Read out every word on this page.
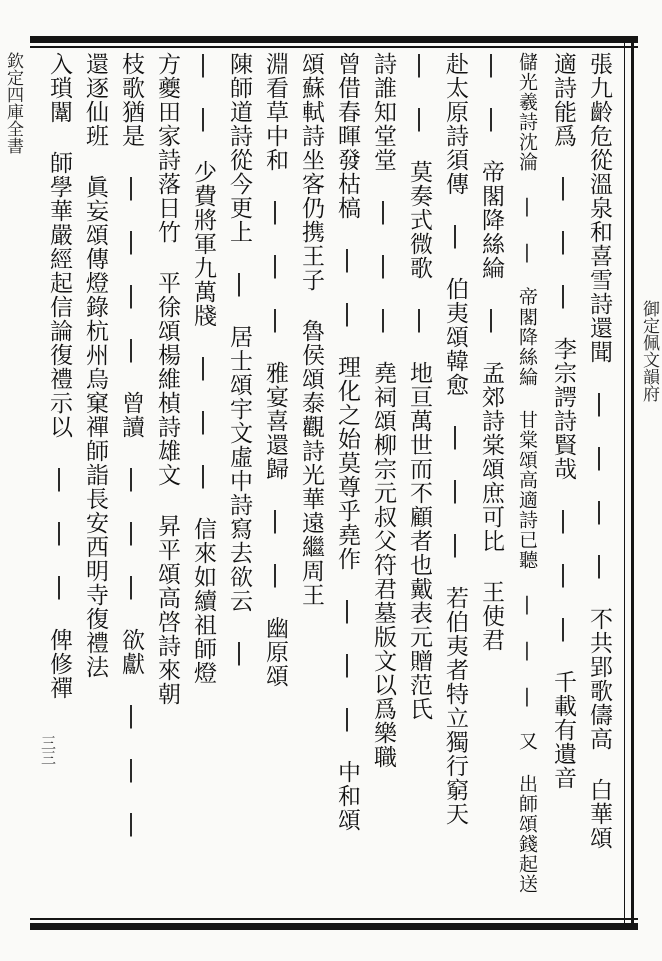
欽定四庫全書
御定佩文韻府
三三	張九齡危從溫泉和喜雪詩還聞 | | | | 不共郢歌儔高 白華頌
適詩能爲 | | | 李宗諤詩賢哉 | | | 千載有遺音
儲光羲詩沈淪 | | 帝閣降絲綸 甘棠頌高適詩已聽 | | | 又 出師頌錢起送
| | 帝閣降絲綸 | 孟郊詩棠頌庶可比 王使君
赴太原詩須傳 | 伯夷頌韓愈 | | | 若伯夷者特立獨行窮天
| | 莫奏式微歌 | 地亘萬世而不顧者也戴表元贈范氏
詩誰知堂堂 | | | 堯祠頌柳宗元叔父符君墓版文以爲樂職
曾借春暉發枯槁 | | 理化之始莫尊乎堯作 | | | 中和頌
頌蘇軾詩坐客仍携王子 魯侯頌泰觀詩光華遠繼周王
淵看草中和 | | | 雅宴喜還歸 | | 幽原頌
陳師道詩從今更上 | 居士頌宇文虛中詩寫去欲云 |
| | 少費將軍九萬牋 | | | 信來如續祖師燈
方夔田家詩落日竹 平徐頌楊維楨詩雄文 昇平頌高啓詩來朝
枝歌猶是 | | | | 曾讀 | | | 欲獻 | | |
還逐仙班 眞妄頌傳燈錄杭州烏窠禪師詣長安西明寺復禮法
入瑣闈 師學華嚴經起信論復禮示以 | | | 俾修禪
